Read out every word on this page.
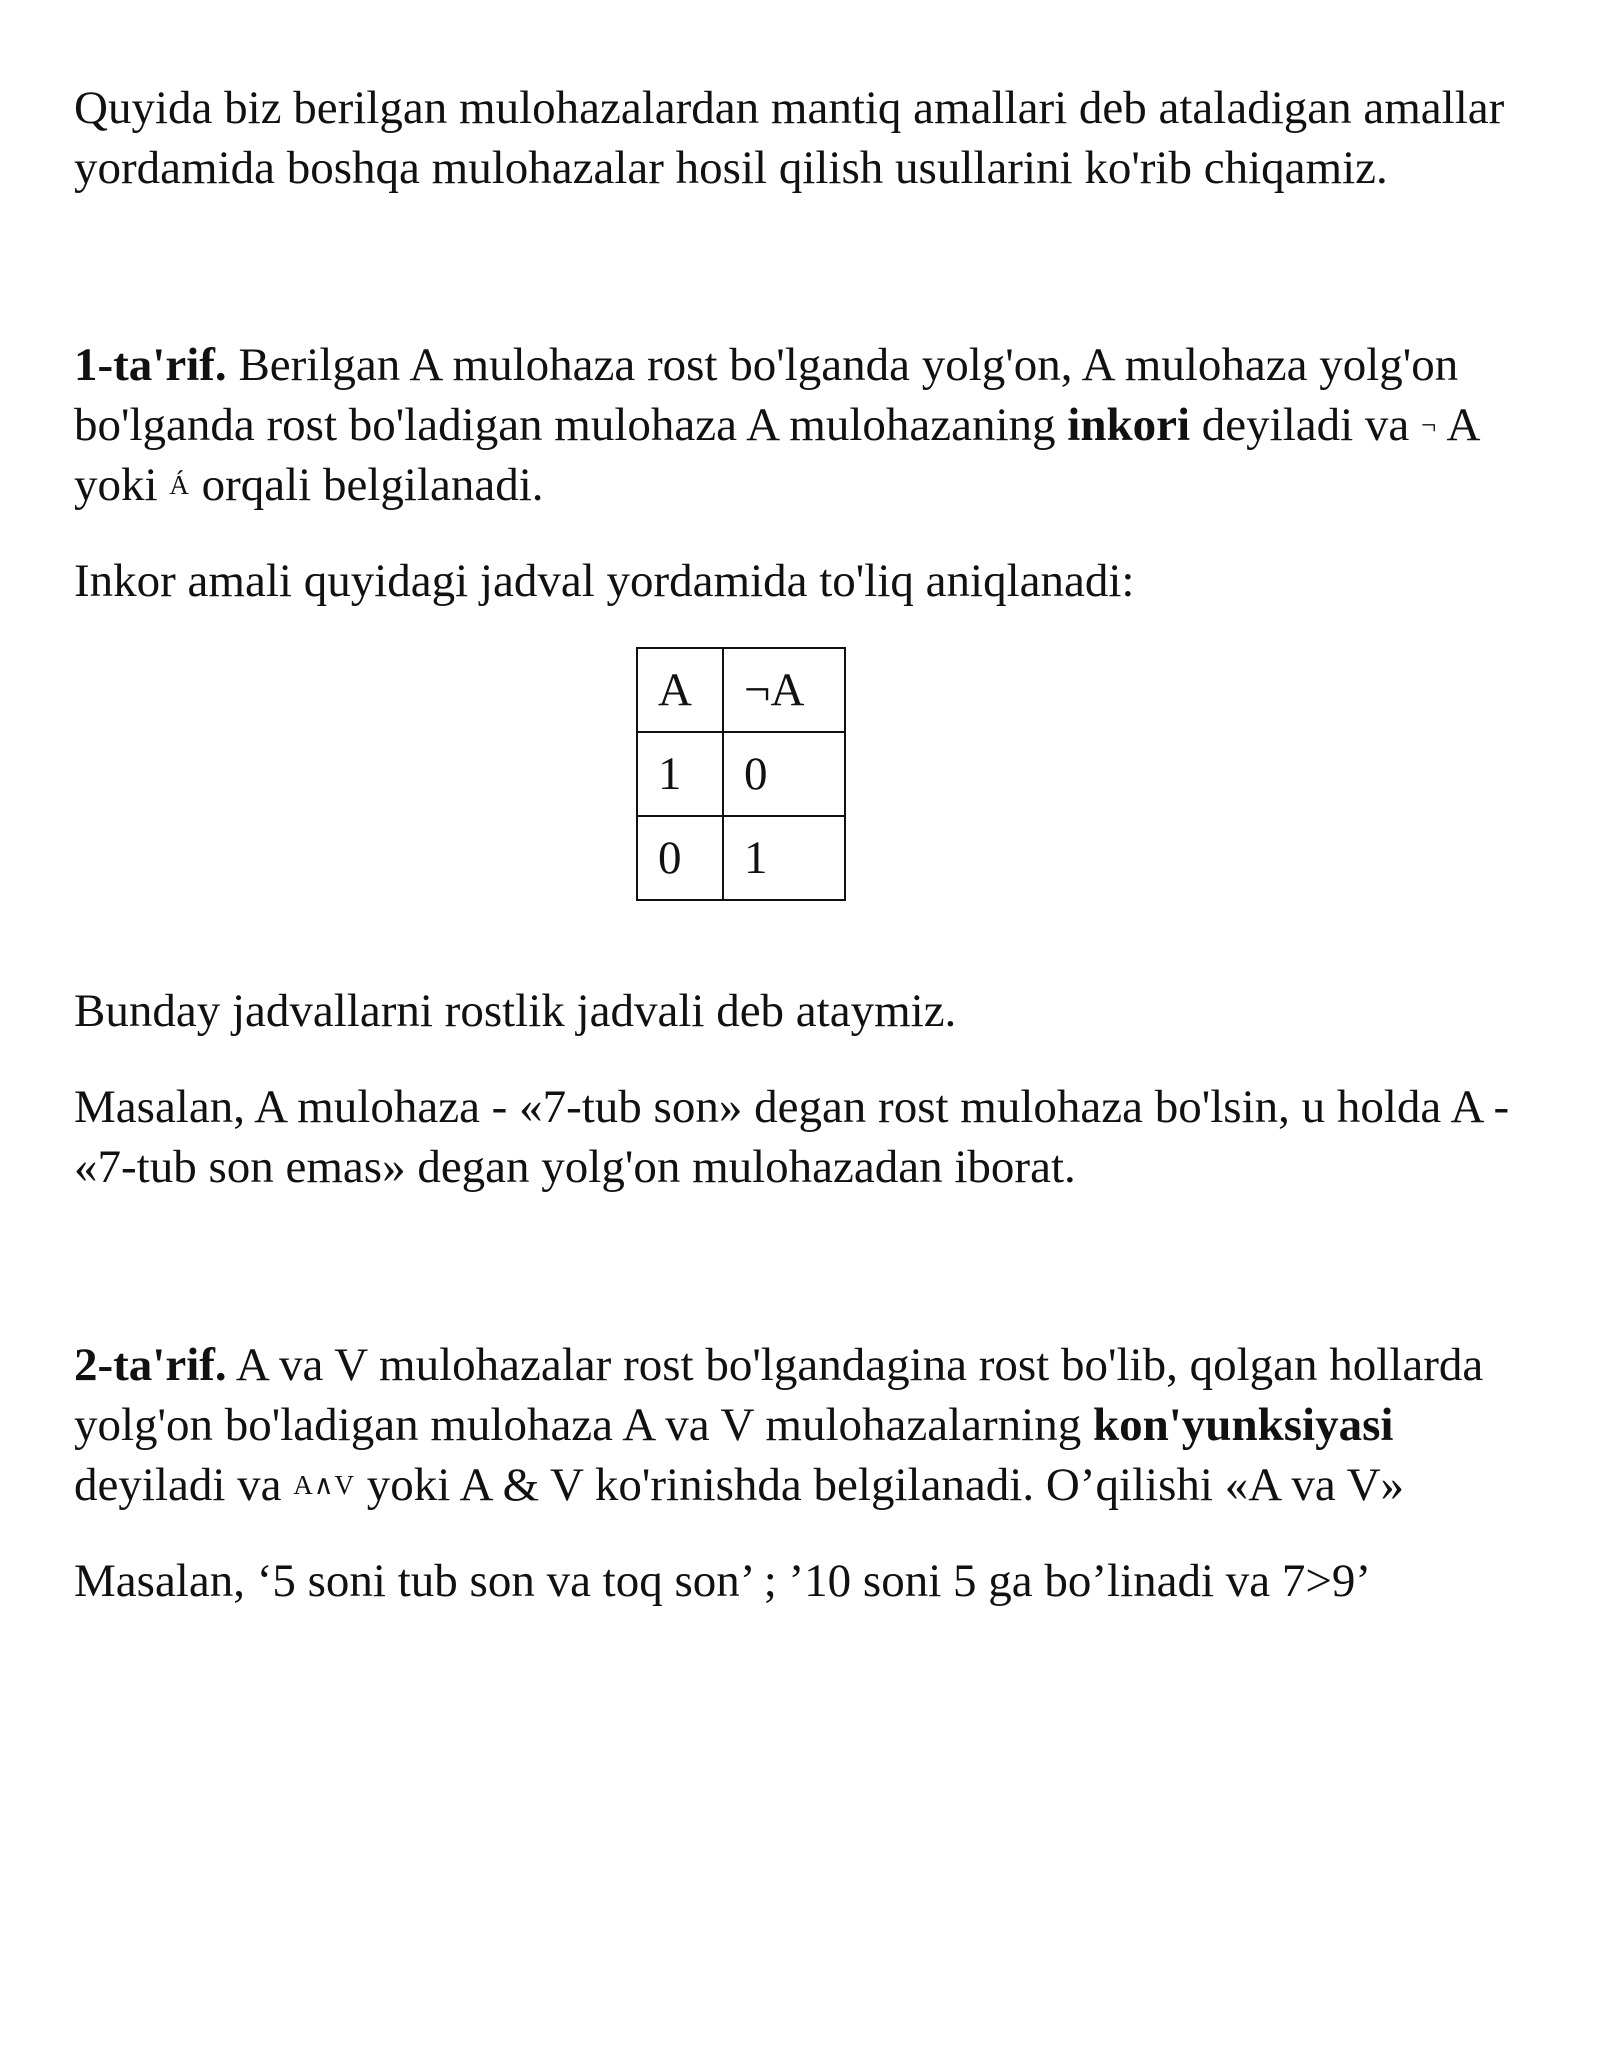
Quyida biz berilgan mulohazalardan mantiq amallari deb ataladigan amallar yordamida boshqa mulohazalar hosil qilish usullarini ko'rib chiqamiz.

1-ta'rif. Berilgan A mulohaza rost bo'lganda yolg'on, A mulohaza yolg'on bo'lganda rost bo'ladigan mulohaza A mulohazaning inkori deyiladi va ¬ A yoki Á orqali belgilanadi.

Inkor amali quyidagi jadval yordamida to'liq aniqlanadi:

A	¬A
1	0
0	1

Bunday jadvallarni rostlik jadvali deb ataymiz.

Masalan, A mulohaza - «7-tub son» degan rost mulohaza bo'lsin, u holda A - «7-tub son emas» degan yolg'on mulohazadan iborat.

2-ta'rif. A va V mulohazalar rost bo'lgandagina rost bo'lib, qolgan hollarda yolg'on bo'ladigan mulohaza A va V mulohazalarning kon'yunksiyasi deyiladi va A∧V yoki A & V ko'rinishda belgilanadi. O’qilishi «A va V»

Masalan, ‘5 soni tub son va toq son’ ; ’10 soni 5 ga bo’linadi va 7>9’
